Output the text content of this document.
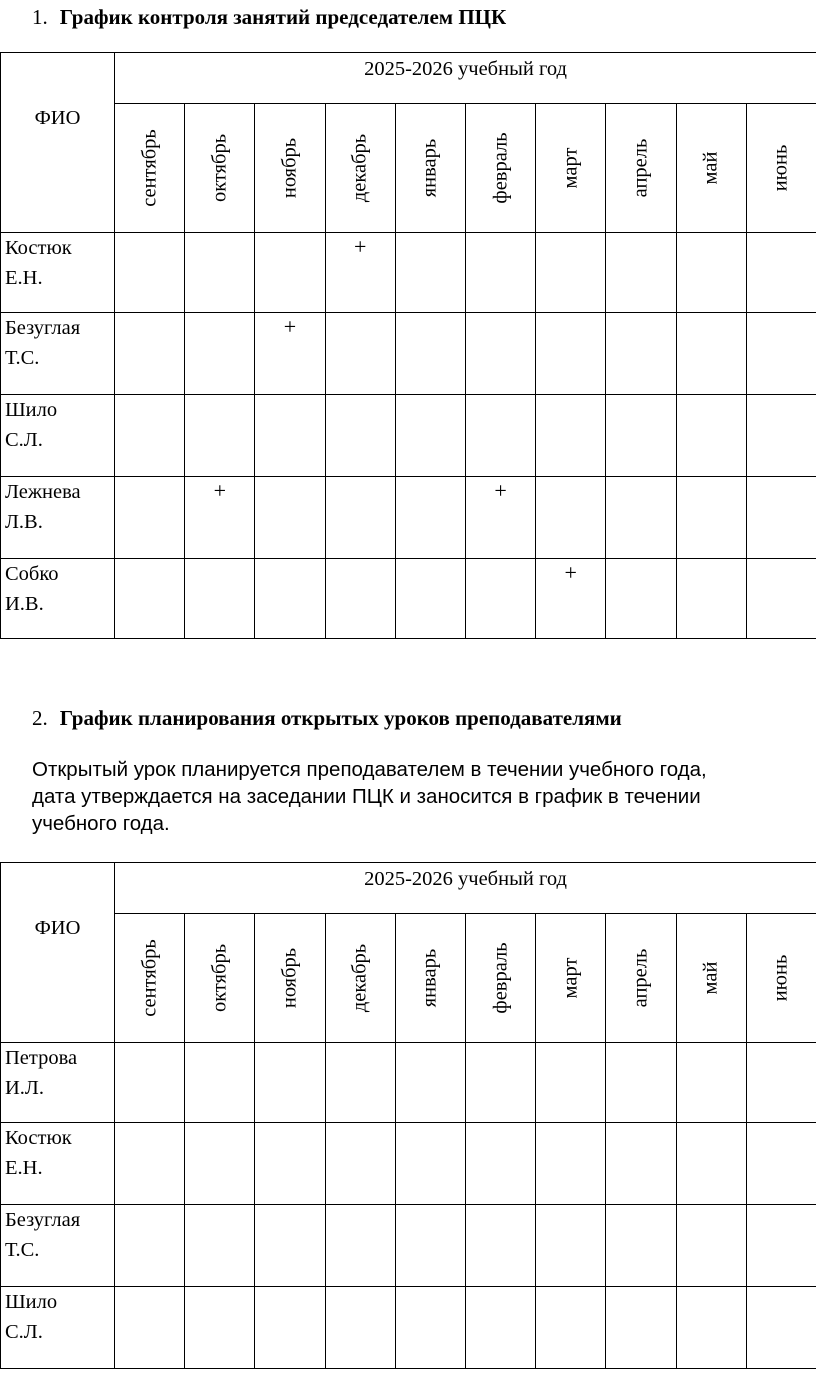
1. График контроля занятий председателем ПЦК
ФИО	2025-2026 учебный год									

	сентябрь	октябрь	ноябрь	декабрь	январь	февраль	март	апрель	май	июнь

Костюк
Е.Н.				+						

Безуглая
Т.С.			+							

Шило
С.Л.										

Лежнева
Л.В.		+				+				

Собко
И.В.							+			
2. График планирования открытых уроков преподавателями
Открытый урок планируется преподавателем в течении учебного года,
дата утверждается на заседании ПЦК и заносится в график в течении
учебного года.
ФИО	2025-2026 учебный год									

	сентябрь	октябрь	ноябрь	декабрь	январь	февраль	март	апрель	май	июнь

Петрова
И.Л.										

Костюк
Е.Н.										

Безуглая
Т.С.										

Шило
С.Л.										
